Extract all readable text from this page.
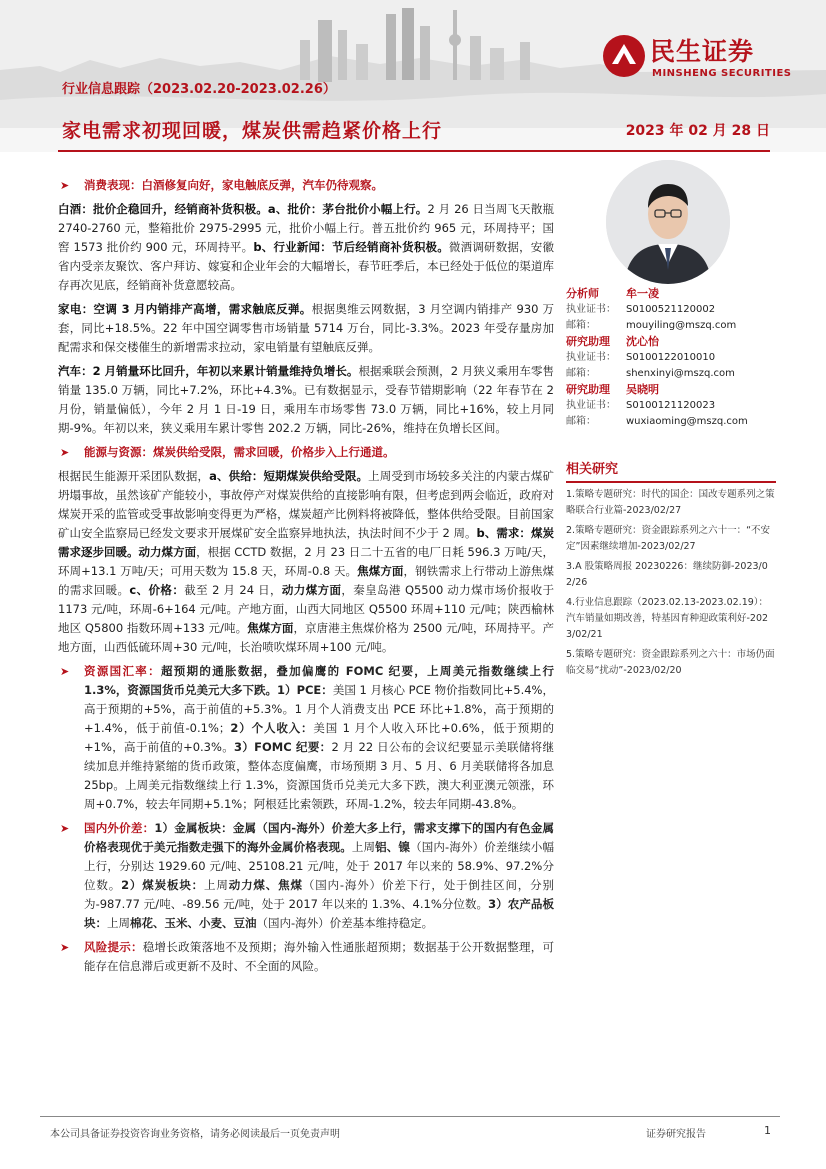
民生证券
MINSHENG SECURITIES
行业信息跟踪（2023.02.20-2023.02.26）
家电需求初现回暖，煤炭供需趋紧价格上行	2023 年 02 月 28 日
➤	消费表现：白酒修复向好，家电触底反弹，汽车仍待观察。
白酒：批价企稳回升，经销商补货积极。a、批价：茅台批价小幅上行。2 月 26 日当周飞天散瓶 2740-2760 元，整箱批价 2975-2995 元，批价小幅上行。普五批价约 965 元，环周持平；国窖 1573 批价约 900 元，环周持平。b、行业新闻：节后经销商补货积极。微酒调研数据，安徽省内受亲友聚饮、客户拜访、嫁宴和企业年会的大幅增长，春节旺季后，本已经处于低位的渠道库存再次见底，经销商补货意愿较高。
家电：空调 3 月内销排产高增，需求触底反弹。根据奥维云网数据，3 月空调内销排产 930 万套，同比+18.5%。22 年中国空调零售市场销量 5714 万台，同比-3.3%。2023 年受存量房加配需求和保交楼催生的新增需求拉动，家电销量有望触底反弹。
汽车：2 月销量环比回升，年初以来累计销量维持负增长。根据乘联会预测，2 月狭义乘用车零售销量 135.0 万辆，同比+7.2%，环比+4.3%。已有数据显示，受春节错期影响（22 年春节在 2 月份，销量偏低），今年 2 月 1 日-19 日，乘用车市场零售 73.0 万辆，同比+16%，较上月同期-9%。年初以来，狭义乘用车累计零售 202.2 万辆，同比-26%，维持在负增长区间。
➤	能源与资源：煤炭供给受限，需求回暖，价格步入上行通道。
根据民生能源开采团队数据，a、供给：短期煤炭供给受限。上周受到市场较多关注的内蒙古煤矿坍塌事故，虽然该矿产能较小，事故停产对煤炭供给的直接影响有限，但考虑到两会临近，政府对煤炭开采的监管或受事故影响变得更为严格，煤炭超产比例料将被降低，整体供给受限。目前国家矿山安全监察局已经发文要求开展煤矿安全监察异地执法，执法时间不少于 2 周。b、需求：煤炭需求逐步回暖。动力煤方面，根据 CCTD 数据，2 月 23 日二十五省的电厂日耗 596.3 万吨/天，环周+13.1 万吨/天；可用天数为 15.8 天，环周-0.8 天。焦煤方面，钢铁需求上行带动上游焦煤的需求回暖。c、价格：截至 2 月 24 日，动力煤方面，秦皇岛港 Q5500 动力煤市场价报收于 1173 元/吨，环周-6+164 元/吨。产地方面，山西大同地区 Q5500 环周+110 元/吨；陕西榆林地区 Q5800 指数环周+133 元/吨。焦煤方面，京唐港主焦煤价格为 2500 元/吨，环周持平。产地方面，山西低硫环周+30 元/吨，长治喷吹煤环周+100 元/吨。
➤	资源国汇率：超预期的通胀数据，叠加偏鹰的 FOMC 纪要，上周美元指数继续上行 1.3%，资源国货币兑美元大多下跌。1）PCE：美国 1 月核心 PCE 物价指数同比+5.4%，高于预期的+5%，高于前值的+5.3%。1 月个人消费支出 PCE 环比+1.8%，高于预期的+1.4%，低于前值-0.1%；2）个人收入：美国 1 月个人收入环比+0.6%，低于预期的+1%，高于前值的+0.3%。3）FOMC 纪要：2 月 22 日公布的会议纪要显示美联储将继续加息并维持紧缩的货币政策，整体态度偏鹰，市场预期 3 月、5 月、6 月美联储将各加息 25bp。上周美元指数继续上行 1.3%，资源国货币兑美元大多下跌，澳大利亚澳元领涨，环周+0.7%，较去年同期+5.1%；阿根廷比索领跌，环周-1.2%，较去年同期-43.8%。
➤	国内外价差：1）金属板块：金属（国内-海外）价差大多上行，需求支撑下的国内有色金属价格表现优于美元指数走强下的海外金属价格表现。上周铝、镍（国内-海外）价差继续小幅上行，分别达 1929.60 元/吨、25108.21 元/吨，处于 2017 年以来的 58.9%、97.2%分位数。2）煤炭板块：上周动力煤、焦煤（国内-海外）价差下行，处于倒挂区间，分别为-987.77 元/吨、-89.56 元/吨，处于 2017 年以来的 1.3%、4.1%分位数。3）农产品板块：上周棉花、玉米、小麦、豆油（国内-海外）价差基本维持稳定。
➤	风险提示：稳增长政策落地不及预期；海外输入性通胀超预期；数据基于公开数据整理，可能存在信息滞后或更新不及时、不全面的风险。
分析师	牟一凌
执业证书：	S0100521120002
邮箱：	mouyiling@mszq.com
研究助理	沈心怡
执业证书：	S0100122010010
邮箱：	shenxinyi@mszq.com
研究助理	吴晓明
执业证书：	S0100121120023
邮箱：	wuxiaoming@mszq.com
相关研究
1.策略专题研究：时代的国企：国改专题系列之策略联合行业篇-2023/02/27
2.策略专题研究：资金跟踪系列之六十一：“不安定”因素继续增加-2023/02/27
3.A 股策略周报 20230226：继续防御-2023/02/26
4.行业信息跟踪（2023.02.13-2023.02.19）：汽车销量如期改善，特基因育种迎政策利好-2023/02/21
5.策略专题研究：资金跟踪系列之六十：市场仍面临交易“扰动”-2023/02/20
本公司具备证券投资咨询业务资格，请务必阅读最后一页免责声明	证券研究报告	1
